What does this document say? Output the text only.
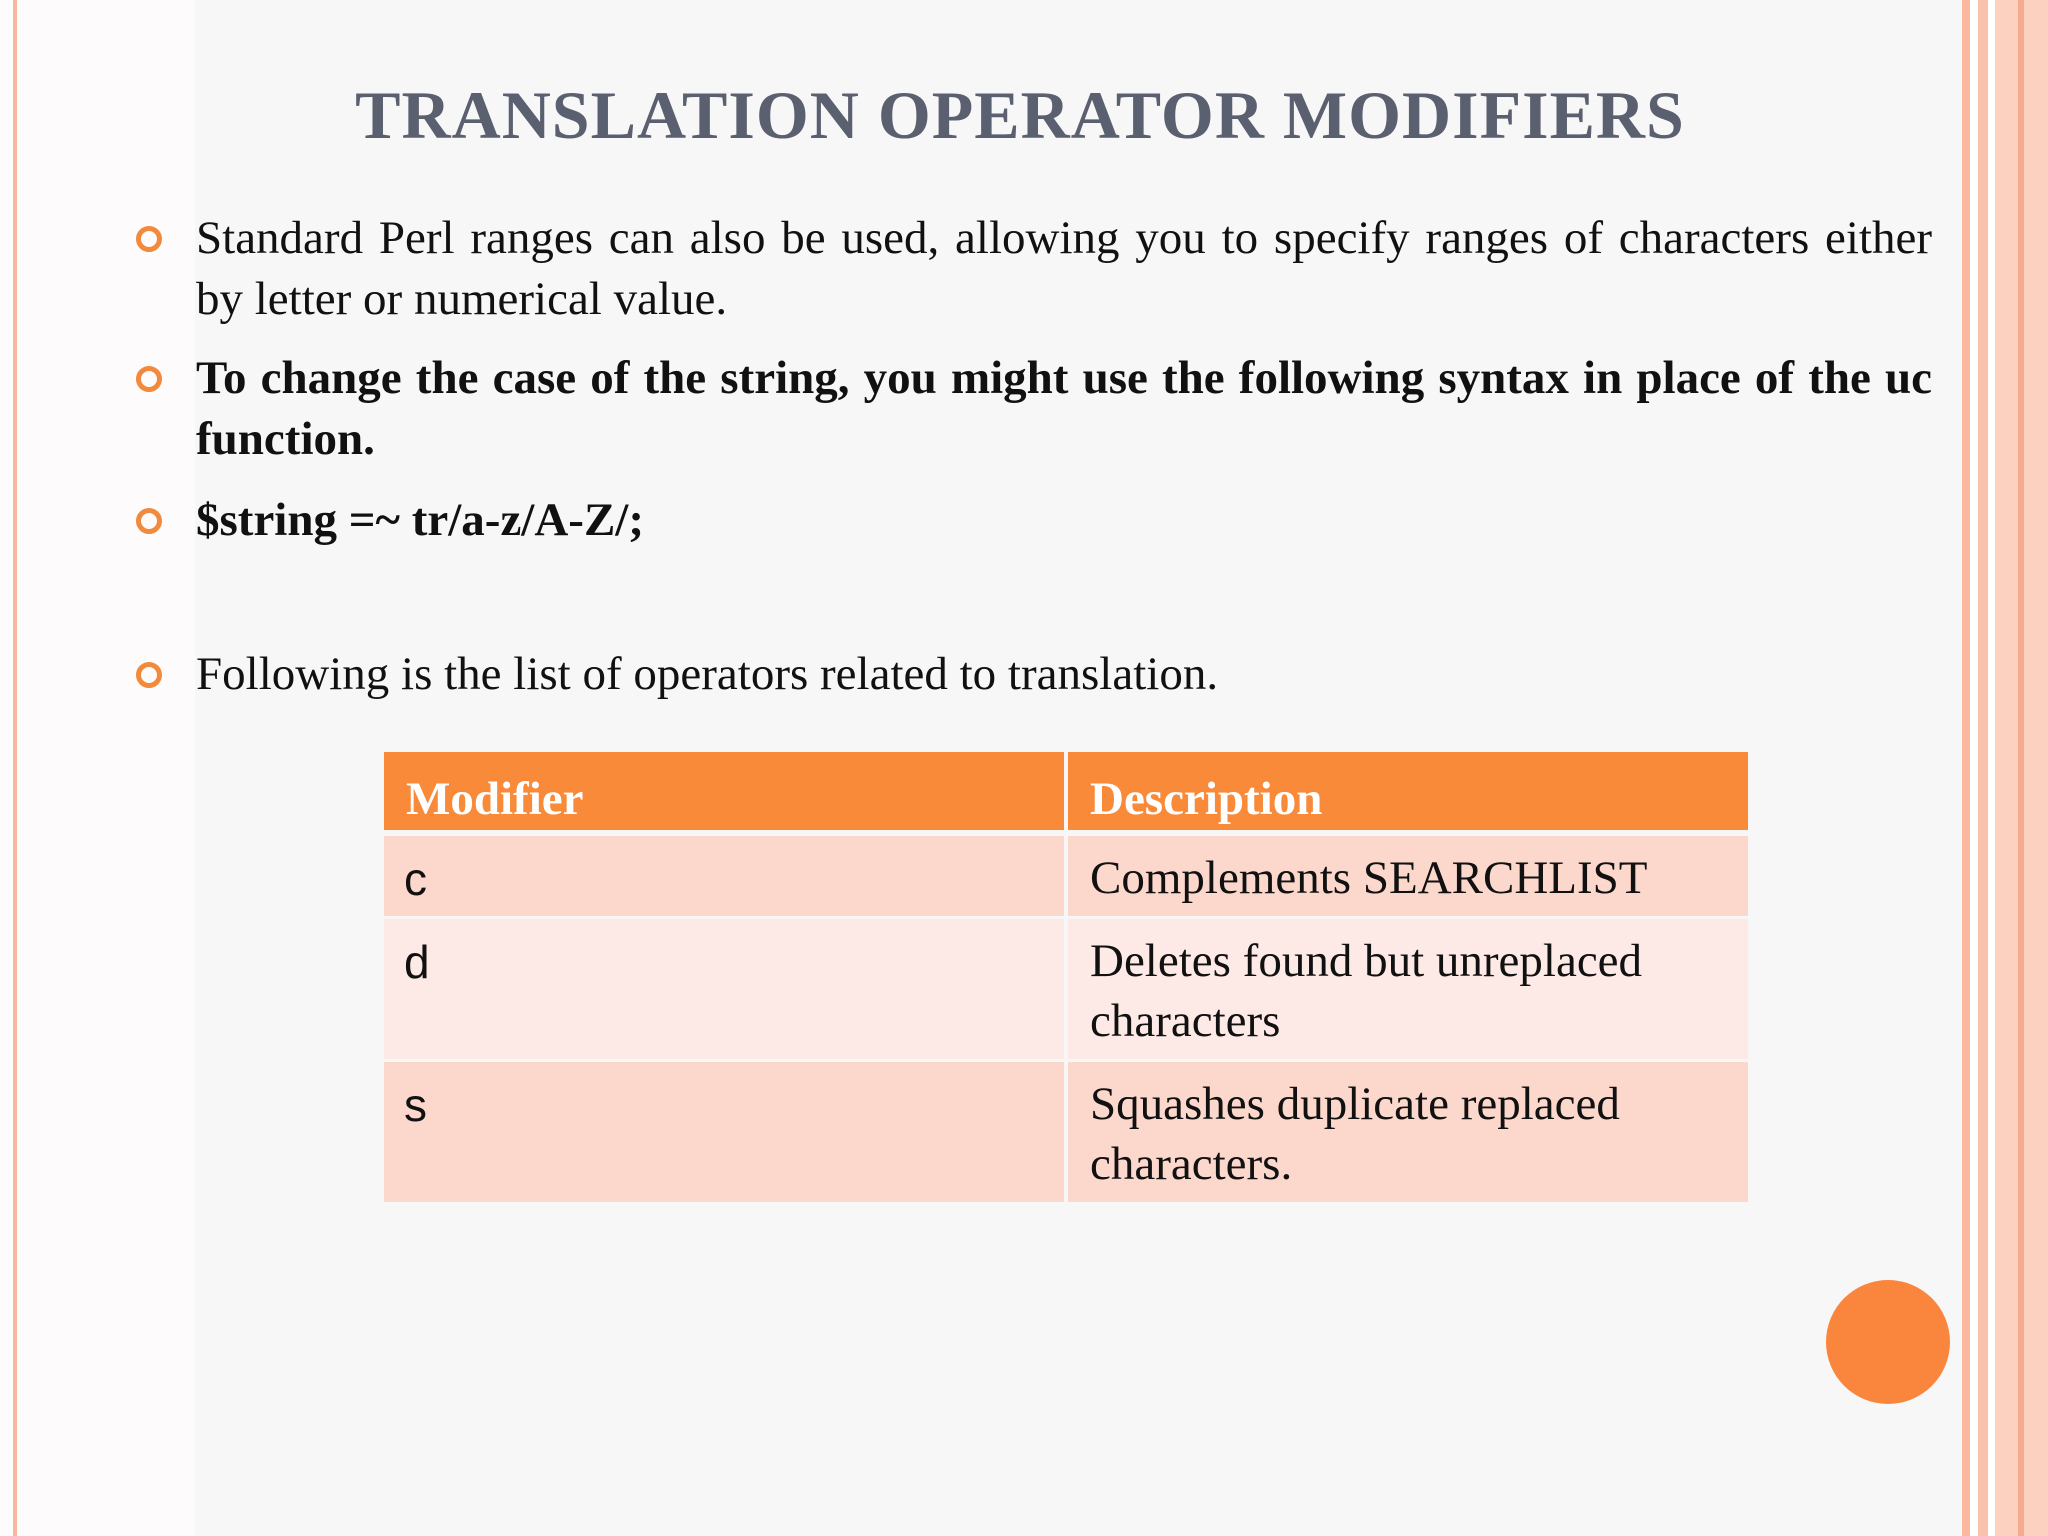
TRANSLATION OPERATOR MODIFIERS
Standard Perl ranges can also be used, allowing you to specify ranges of characters either by letter or numerical value.
To change the case of the string, you might use the following syntax in place of the uc function.
$string =~ tr/a-z/A-Z/;
Following is the list of operators related to translation.
Modifier	Description
c	Complements SEARCHLIST
d	Deletes found but unreplaced characters
s	Squashes duplicate replaced characters.
